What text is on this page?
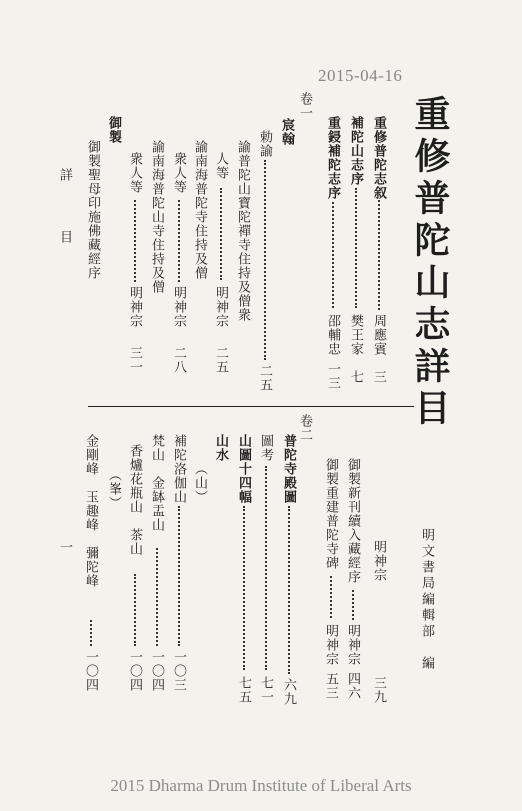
2015-04-16
重修普陀山志詳目
重修普陀志叙
周應賓
三
補陀山志序
樊王家
七
重鋟補陀志序
邵輔忠
一三
卷一
宸翰
勅諭
二五
諭普陀山寶陀禪寺住持及僧衆
人等
明神宗
二五
諭南海普陀寺住持及僧
衆人等
明神宗
二八
諭南海普陀山寺住持及僧
衆人等
明神宗
三一
御製
御製聖母印施佛藏經序
詳　目
明文書局編輯部　編
明神宗
三九
御製新刊續入藏經序
明神宗
四六
御製重建普陀寺碑
明神宗
五三
卷二
普陀寺殿圖
六九
圖考
七一
山圖十四幅
七五
山水
（山）
補陀洛伽山
一〇三
梵山　金缽盂山
一〇四
香爐花瓶山　茶山
一〇四
（峯）
金剛峰　玉趣峰　彌陀峰
一〇四
一
2015 Dharma Drum Institute of Liberal Arts
